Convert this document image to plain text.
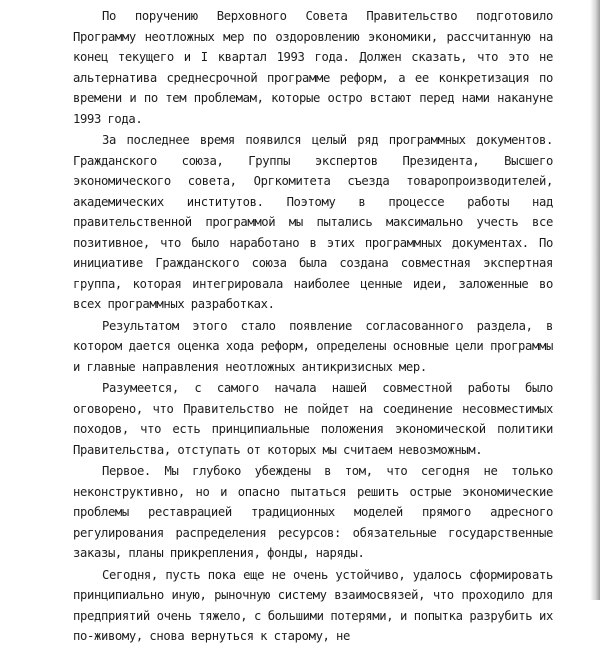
По поручению Верховного Совета Правительство подготовило Программу неотложных мер по оздоровлению экономики, рассчитанную на конец текущего и I квартал 1993 года. Должен сказать, что это не альтернатива среднесрочной программе реформ, а ее конкретизация по времени и по тем проблемам, которые остро встают перед нами накануне 1993 года.

За последнее время появился целый ряд программных документов. Гражданского союза, Группы экспертов Президента, Высшего экономического совета, Оргкомитета съезда товаропроизводителей, академических институтов. Поэтому в процессе работы над правительственной программой мы пытались максимально учесть все позитивное, что было наработано в этих программных документах. По инициативе Гражданского союза была создана совместная экспертная группа, которая интегрировала наиболее ценные идеи, заложенные во всех программных разработках.

Результатом этого стало появление согласованного раздела, в котором дается оценка хода реформ, определены основные цели программы и главные направления неотложных антикризисных мер.

Разумеется, с самого начала нашей совместной работы было оговорено, что Правительство не пойдет на соединение несовместимых походов, что есть принципиальные положения экономической политики Правительства, отступать от которых мы считаем невозможным.

Первое. Мы глубоко убеждены в том, что сегодня не только неконструктивно, но и опасно пытаться решить острые экономические проблемы реставрацией традиционных моделей прямого адресного регулирования распределения ресурсов: обязательные государственные заказы, планы прикрепления, фонды, наряды.

Сегодня, пусть пока еще не очень устойчиво, удалось сформировать принципиально иную, рыночную систему взаимосвязей, что проходило для предприятий очень тяжело, с большими потерями, и попытка разрубить их по-живому, снова вернуться к старому, не
